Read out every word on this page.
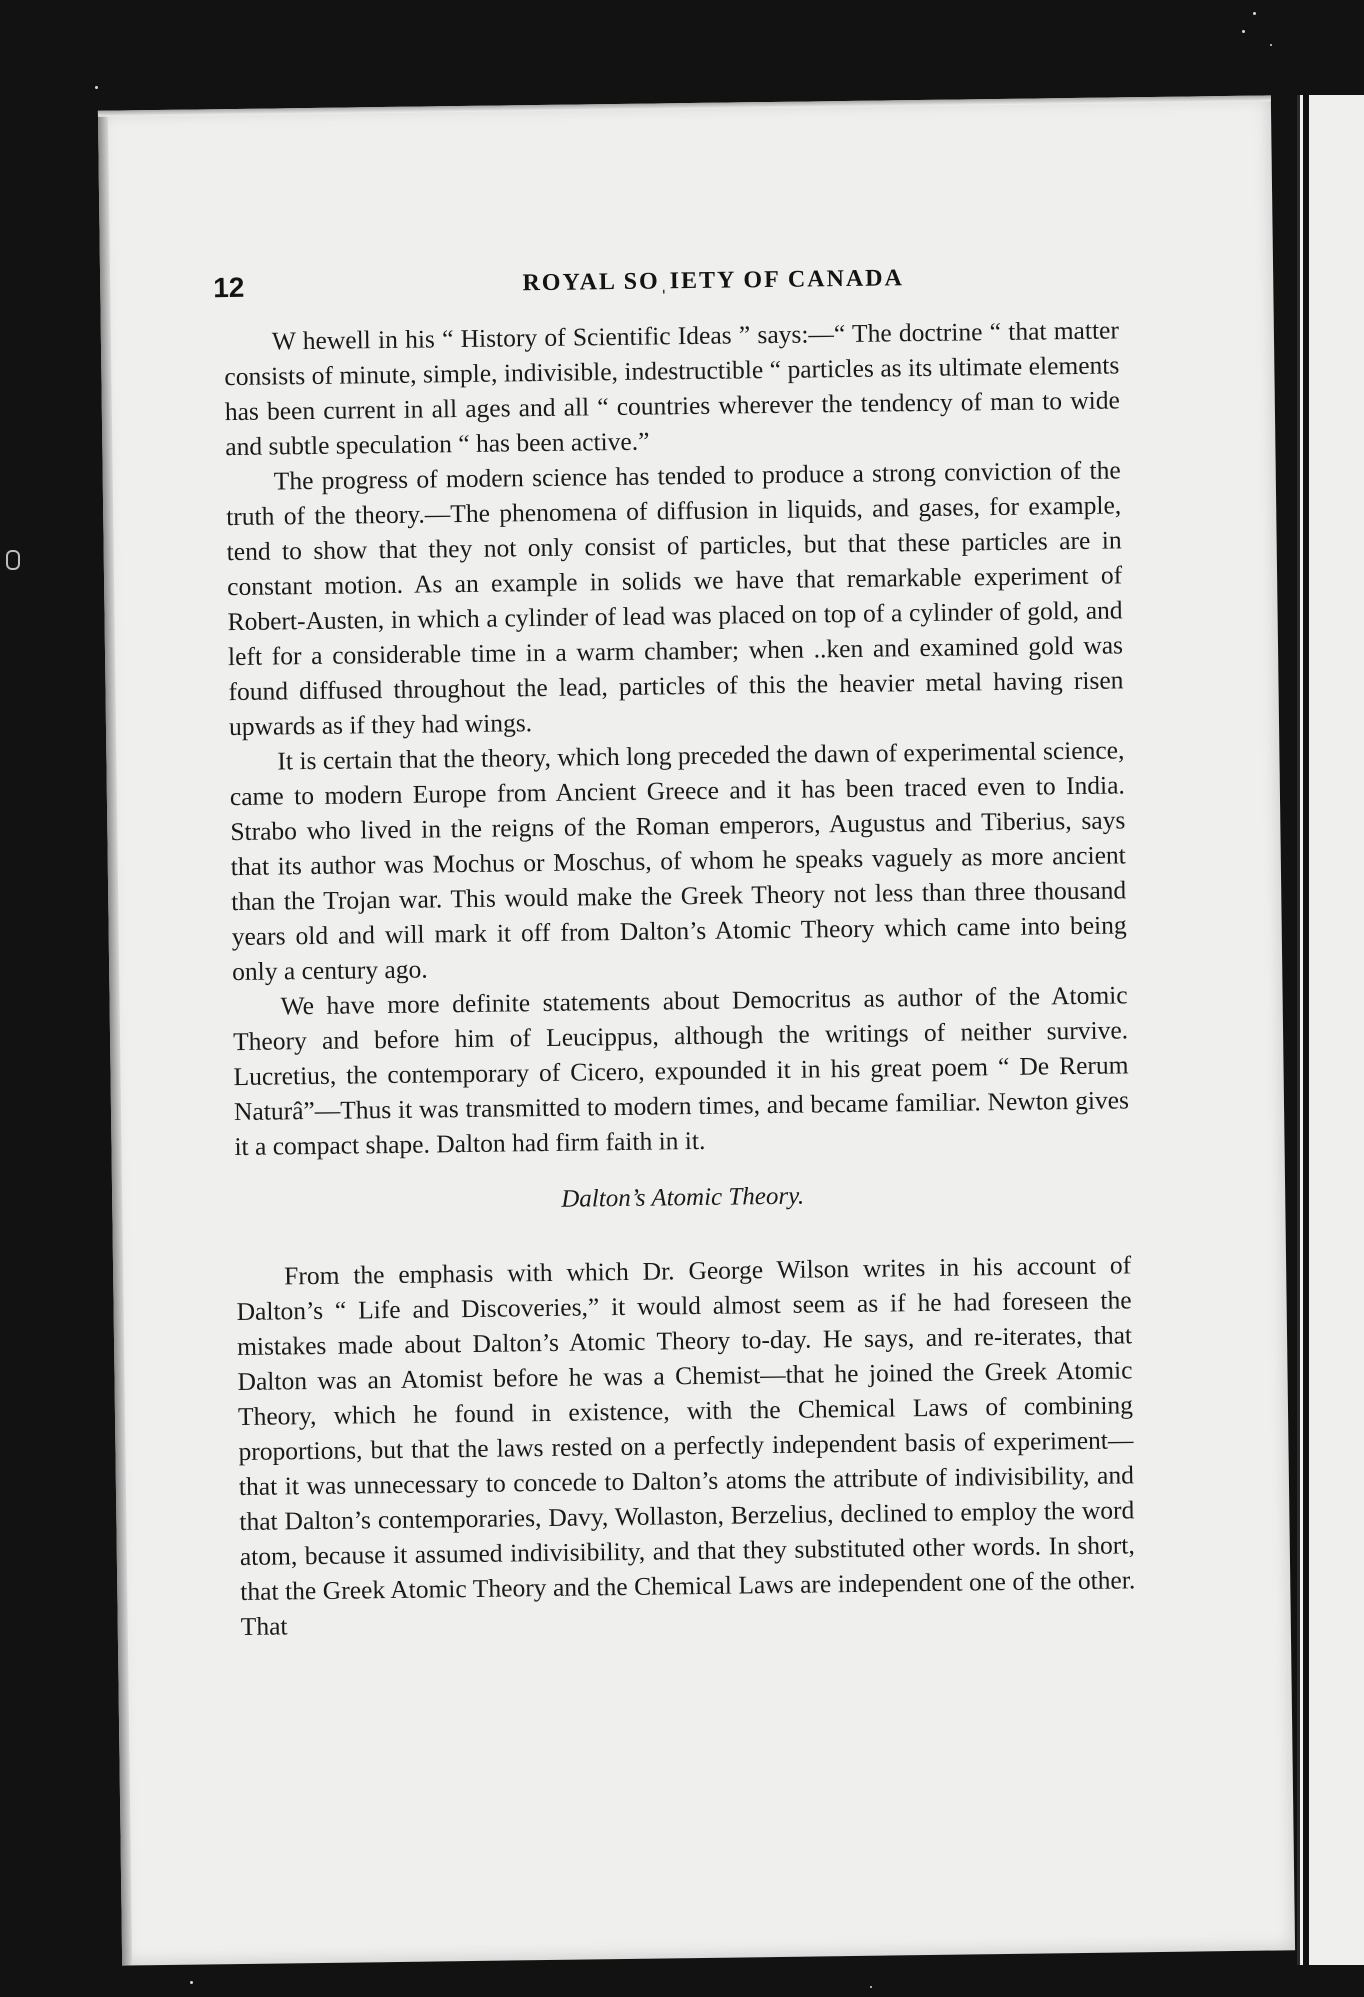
12	ROYAL SOˌIETY OF CANADA

W hewell in his “ History of Scientific Ideas ” says:—“ The doctrine “ that matter consists of minute, simple, indivisible, indestructible “ particles as its ultimate elements has been current in all ages and all “ countries wherever the tendency of man to wide and subtle speculation “ has been active.”

The progress of modern science has tended to produce a strong conviction of the truth of the theory.—The phenomena of diffusion in liquids, and gases, for example, tend to show that they not only consist of particles, but that these particles are in constant motion. As an example in solids we have that remarkable experiment of Robert-Austen, in which a cylinder of lead was placed on top of a cylinder of gold, and left for a considerable time in a warm chamber; when ..ken and examined gold was found diffused throughout the lead, particles of this the heavier metal having risen upwards as if they had wings.

It is certain that the theory, which long preceded the dawn of experimental science, came to modern Europe from Ancient Greece and it has been traced even to India. Strabo who lived in the reigns of the Roman emperors, Augustus and Tiberius, says that its author was Mochus or Moschus, of whom he speaks vaguely as more ancient than the Trojan war. This would make the Greek Theory not less than three thousand years old and will mark it off from Dalton’s Atomic Theory which came into being only a century ago.

We have more definite statements about Democritus as author of the Atomic Theory and before him of Leucippus, although the writings of neither survive. Lucretius, the contemporary of Cicero, expounded it in his great poem “ De Rerum Naturâ”—Thus it was transmitted to modern times, and became familiar. Newton gives it a compact shape. Dalton had firm faith in it.

Dalton’s Atomic Theory.

From the emphasis with which Dr. George Wilson writes in his account of Dalton’s “ Life and Discoveries,” it would almost seem as if he had foreseen the mistakes made about Dalton’s Atomic Theory to-day. He says, and re-iterates, that Dalton was an Atomist before he was a Chemist—that he joined the Greek Atomic Theory, which he found in existence, with the Chemical Laws of combining proportions, but that the laws rested on a perfectly independent basis of experiment—that it was unnecessary to concede to Dalton’s atoms the attribute of indivisibility, and that Dalton’s contemporaries, Davy, Wollaston, Berzelius, declined to employ the word atom, because it assumed indivisibility, and that they substituted other words. In short, that the Greek Atomic Theory and the Chemical Laws are independent one of the other. That
